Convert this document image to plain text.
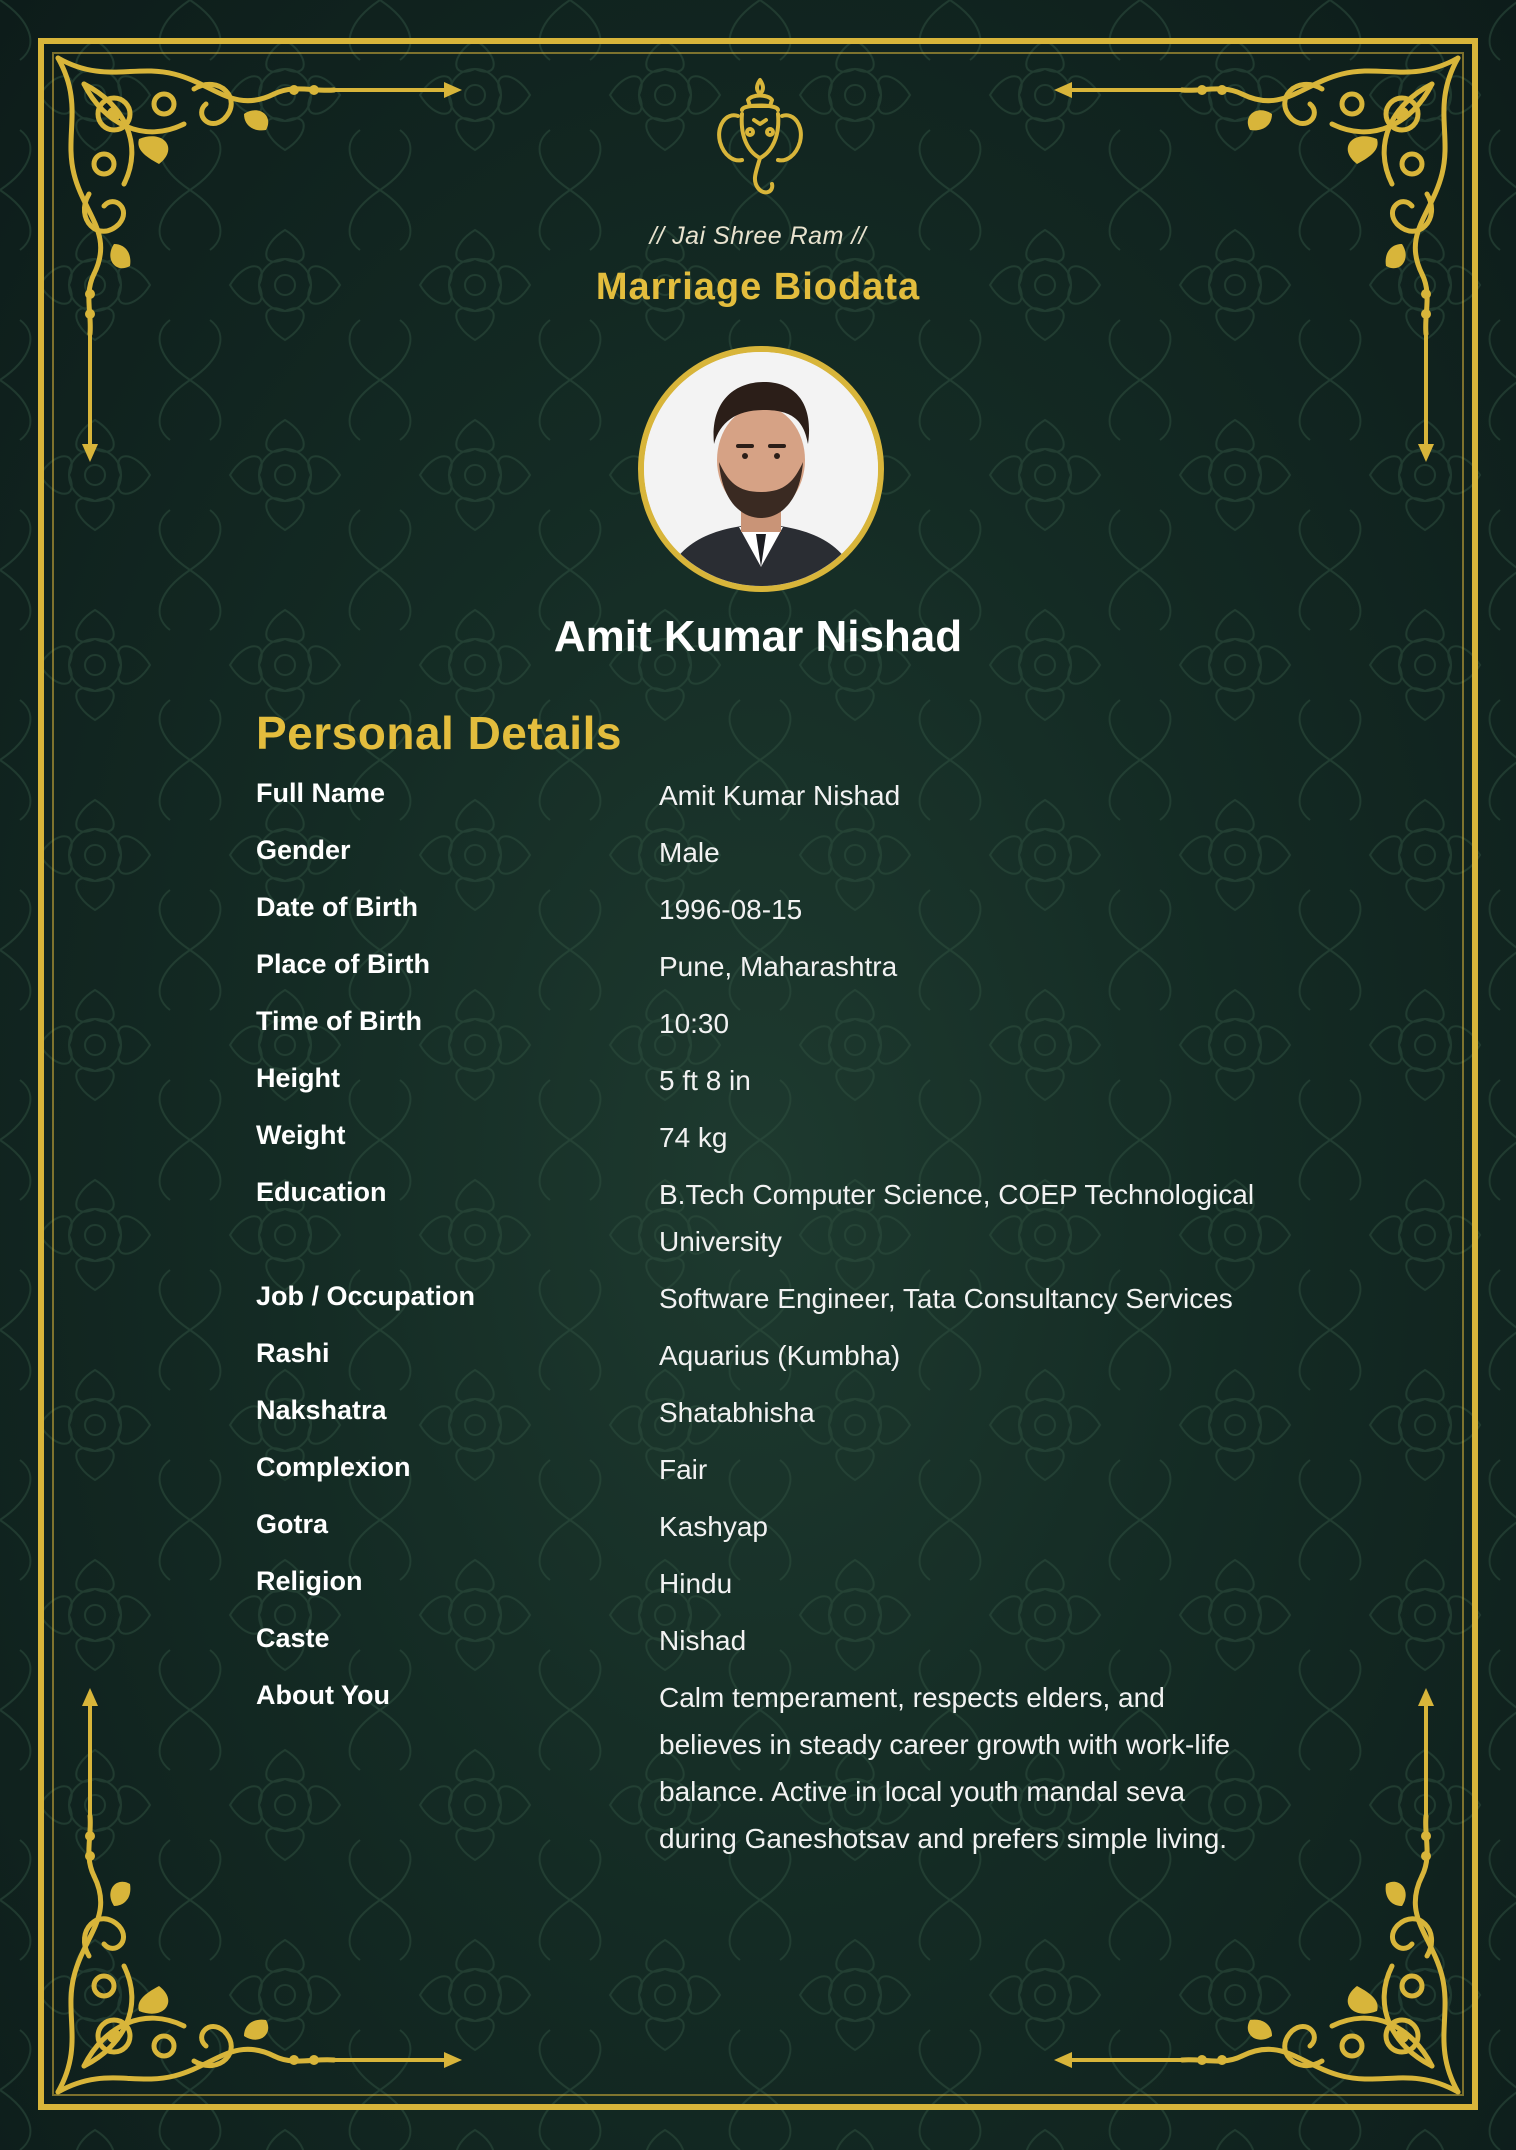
// Jai Shree Ram //
Marriage Biodata
Amit Kumar Nishad
Personal Details
Full Name	Amit Kumar Nishad
Gender	Male
Date of Birth	1996-08-15
Place of Birth	Pune, Maharashtra
Time of Birth	10:30
Height	5 ft 8 in
Weight	74 kg
Education	B.Tech Computer Science, COEP Technological University
Job / Occupation	Software Engineer, Tata Consultancy Services
Rashi	Aquarius (Kumbha)
Nakshatra	Shatabhisha
Complexion	Fair
Gotra	Kashyap
Religion	Hindu
Caste	Nishad
About You	Calm temperament, respects elders, and believes in steady career growth with work-life balance. Active in local youth mandal seva during Ganeshotsav and prefers simple living.
